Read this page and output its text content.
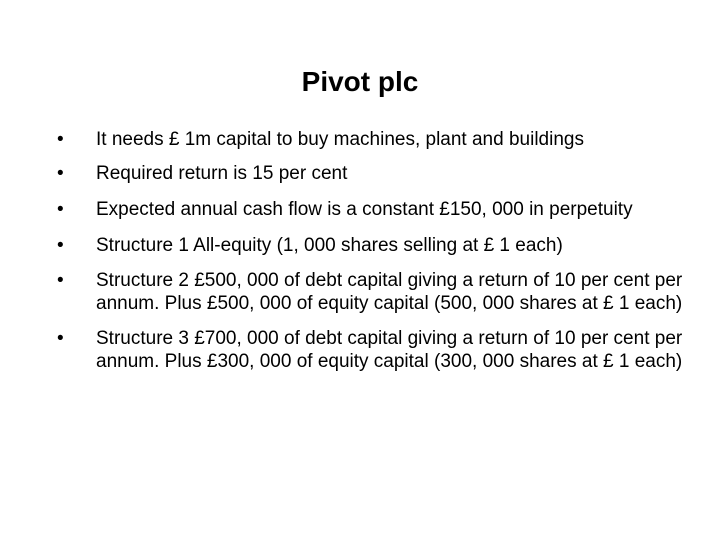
Pivot plc
•	It needs £ 1m capital to buy machines, plant and buildings
•	Required return is 15 per cent
•	Expected annual cash flow is a constant £150, 000 in perpetuity
•	Structure 1 All-equity (1, 000 shares selling at £ 1 each)
•	Structure 2 £500, 000 of debt capital giving a return of 10 per cent per annum. Plus £500, 000 of equity capital (500, 000 shares at £ 1 each)
•	Structure 3 £700, 000 of debt capital giving a return of 10 per cent per annum. Plus £300, 000 of equity capital (300, 000 shares at £ 1 each)
